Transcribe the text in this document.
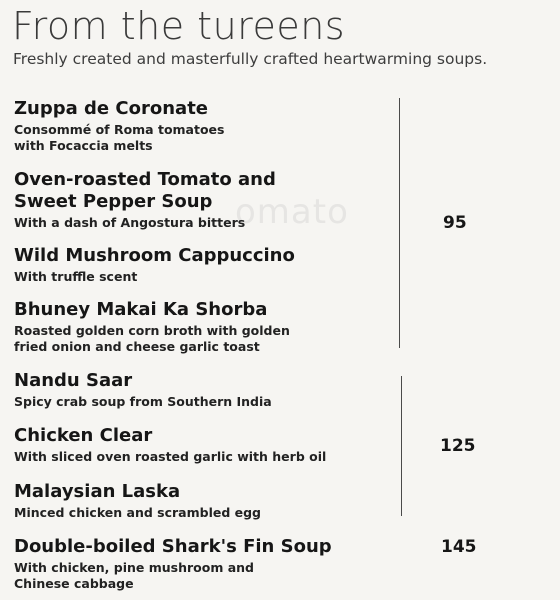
From the tureens
Freshly created and masterfully crafted heartwarming soups.
omato
Zuppa de Coronate
Consommé of Roma tomatoes
with Focaccia melts
Oven-roasted Tomato and
Sweet Pepper Soup
With a dash of Angostura bitters
Wild Mushroom Cappuccino
With truffle scent
Bhuney Makai Ka Shorba
Roasted golden corn broth with golden
fried onion and cheese garlic toast
Nandu Saar
Spicy crab soup from Southern India
Chicken Clear
With sliced oven roasted garlic with herb oil
Malaysian Laska
Minced chicken and scrambled egg
Double-boiled Shark's Fin Soup
With chicken, pine mushroom and
Chinese cabbage
95
125
145
